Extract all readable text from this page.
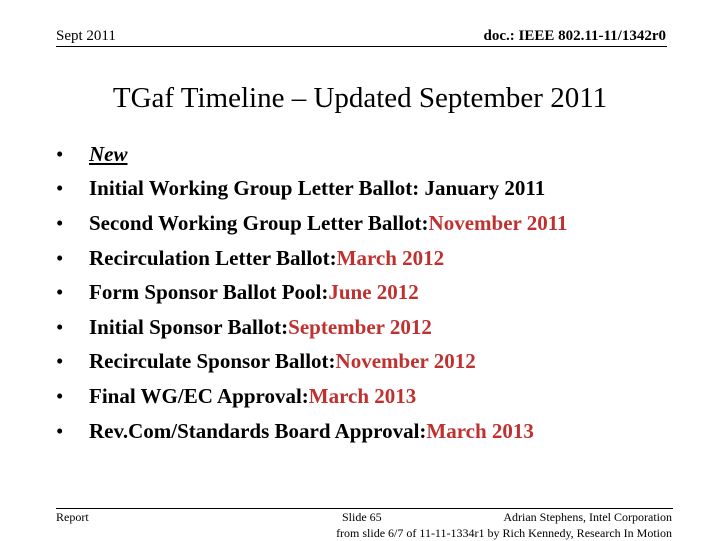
Sept 2011	doc.: IEEE 802.11-11/1342r0
TGaf Timeline – Updated September 2011
•	New
•	Initial Working Group Letter Ballot: January 2011
•	Second Working Group Letter Ballot: November 2011
•	Recirculation Letter Ballot: March 2012
•	Form Sponsor Ballot Pool: June 2012
•	Initial Sponsor Ballot: September 2012
•	Recirculate Sponsor Ballot: November 2012
•	Final WG/EC Approval: March 2013
•	Rev.Com/Standards Board Approval: March 2013
Report	Slide 65	Adrian Stephens, Intel Corporation
from slide 6/7 of 11-11-1334r1 by Rich Kennedy, Research In Motion
